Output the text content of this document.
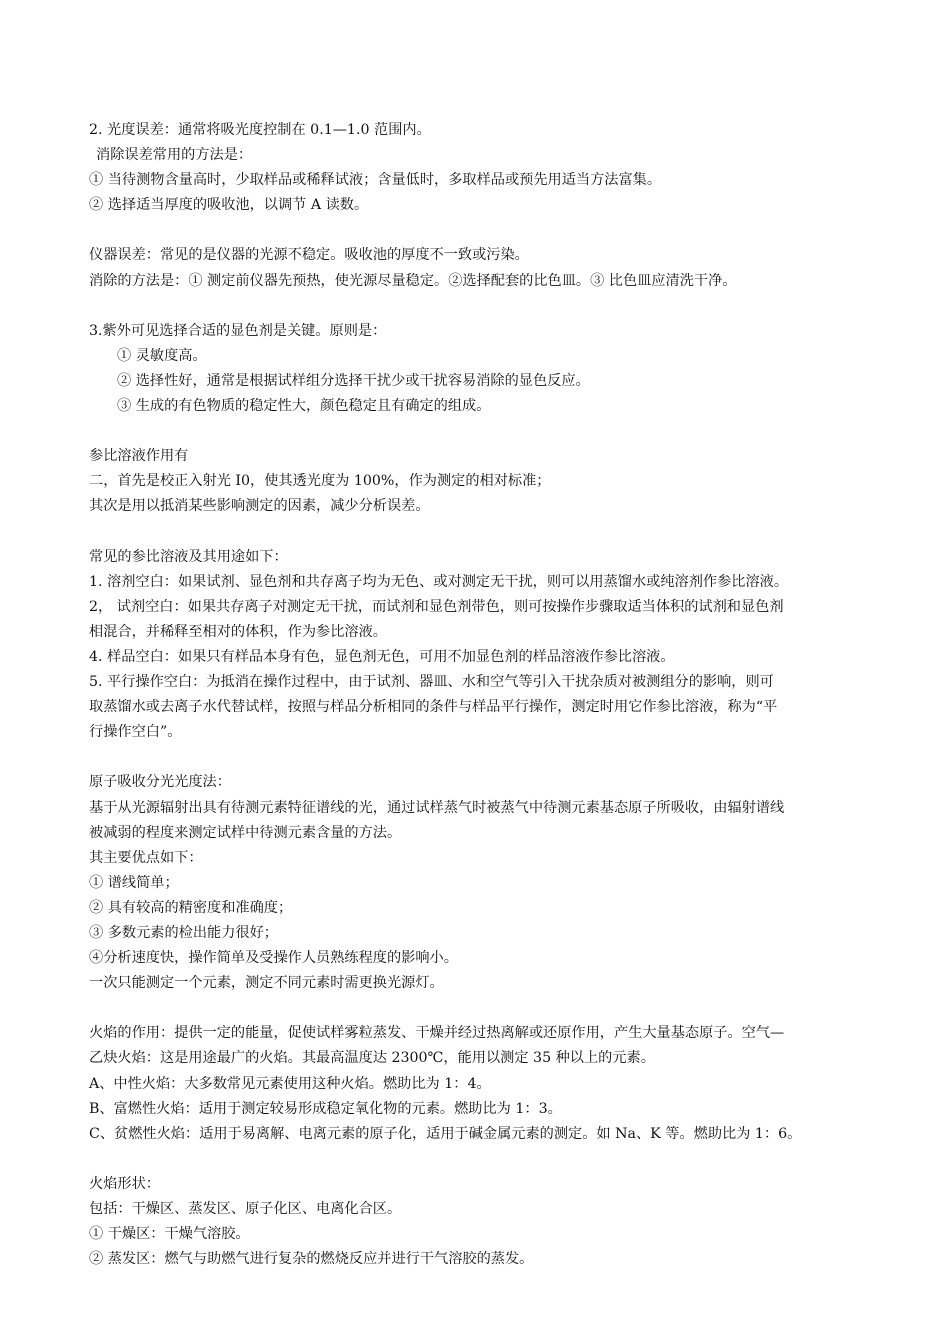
2. 光度误差：通常将吸光度控制在 0.1—1.0 范围内。
消除误差常用的方法是：
① 当待测物含量高时，少取样品或稀释试液；含量低时，多取样品或预先用适当方法富集。
② 选择适当厚度的吸收池，以调节 A 读数。
仪器误差：常见的是仪器的光源不稳定。吸收池的厚度不一致或污染。
消除的方法是：① 测定前仪器先预热，使光源尽量稳定。②选择配套的比色皿。③ 比色皿应清洗干净。
3.紫外可见选择合适的显色剂是关键。原则是：
① 灵敏度高。
② 选择性好，通常是根据试样组分选择干扰少或干扰容易消除的显色反应。
③ 生成的有色物质的稳定性大，颜色稳定且有确定的组成。
参比溶液作用有
二，首先是校正入射光 I0，使其透光度为 100%，作为测定的相对标准；
其次是用以抵消某些影响测定的因素，减少分析误差。
常见的参比溶液及其用途如下：
1. 溶剂空白：如果试剂、显色剂和共存离子均为无色、或对测定无干扰，则可以用蒸馏水或纯溶剂作参比溶液。
2， 试剂空白：如果共存离子对测定无干扰，而试剂和显色剂带色，则可按操作步骤取适当体积的试剂和显色剂
相混合，并稀释至相对的体积，作为参比溶液。
4. 样品空白：如果只有样品本身有色，显色剂无色，可用不加显色剂的样品溶液作参比溶液。
5. 平行操作空白：为抵消在操作过程中，由于试剂、器皿、水和空气等引入干扰杂质对被测组分的影响，则可
取蒸馏水或去离子水代替试样，按照与样品分析相同的条件与样品平行操作，测定时用它作参比溶液，称为“平
行操作空白”。
原子吸收分光光度法：
基于从光源辐射出具有待测元素特征谱线的光，通过试样蒸气时被蒸气中待测元素基态原子所吸收，由辐射谱线
被减弱的程度来测定试样中待测元素含量的方法。
其主要优点如下：
① 谱线简单；
② 具有较高的精密度和准确度；
③ 多数元素的检出能力很好；
④分析速度快，操作简单及受操作人员熟练程度的影响小。
一次只能测定一个元素，测定不同元素时需更换光源灯。
火焰的作用：提供一定的能量，促使试样雾粒蒸发、干燥并经过热离解或还原作用，产生大量基态原子。空气—
乙炔火焰：这是用途最广的火焰。其最高温度达 2300℃，能用以测定 35 种以上的元素。
A、中性火焰：大多数常见元素使用这种火焰。燃助比为 1：4。
B、富燃性火焰：适用于测定较易形成稳定氧化物的元素。燃助比为 1：3。
C、贫燃性火焰：适用于易离解、电离元素的原子化，适用于碱金属元素的测定。如 Na、K 等。燃助比为 1：6。
火焰形状：
包括：干燥区、蒸发区、原子化区、电离化合区。
① 干燥区：干燥气溶胶。
② 蒸发区：燃气与助燃气进行复杂的燃烧反应并进行干气溶胶的蒸发。
